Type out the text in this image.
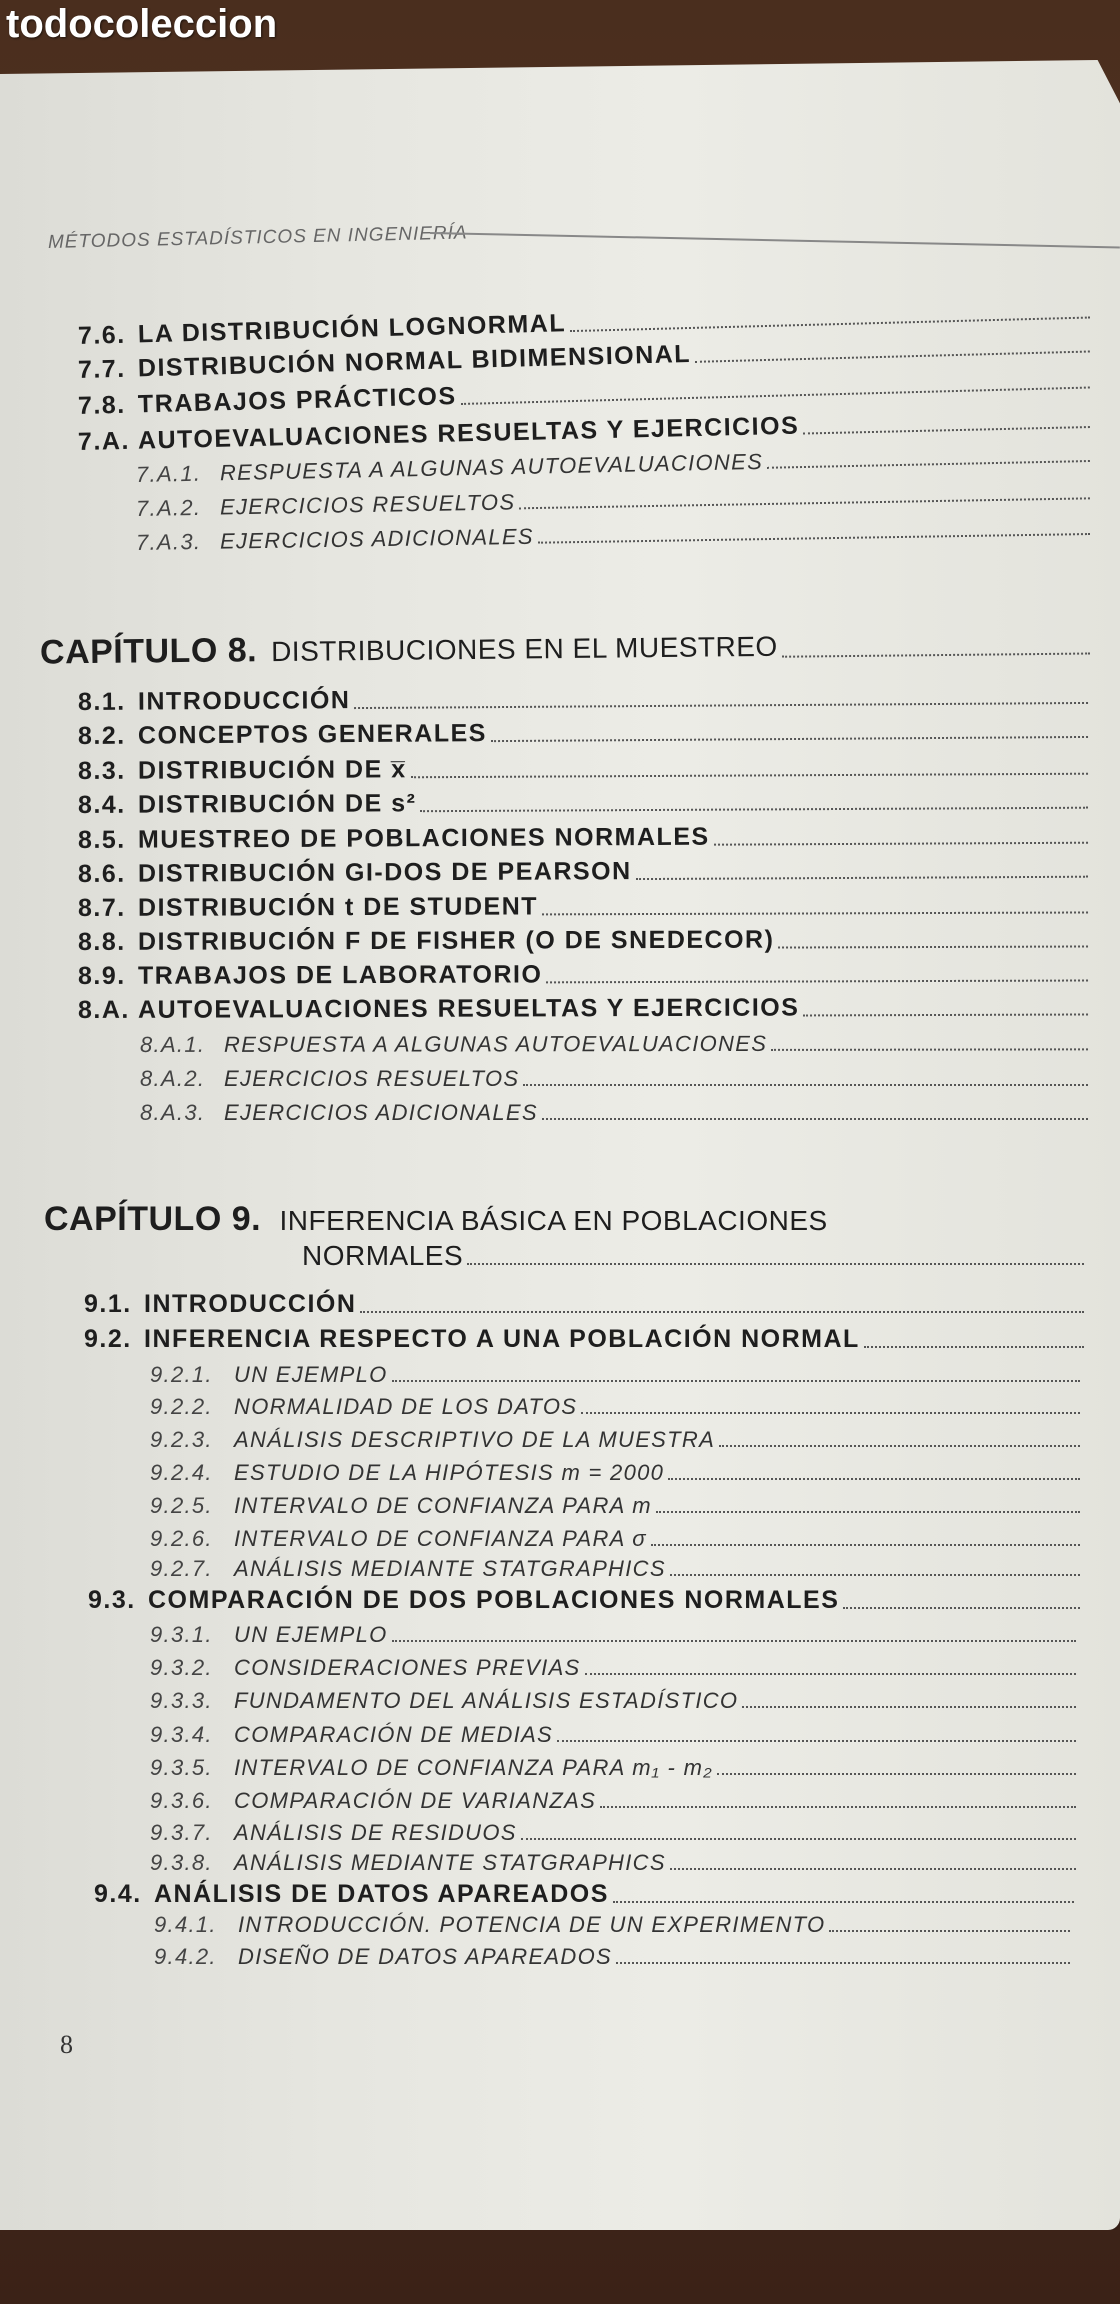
todocoleccion
MÉTODOS ESTADÍSTICOS EN INGENIERÍA
7.6. LA DISTRIBUCIÓN LOGNORMAL
7.7. DISTRIBUCIÓN NORMAL BIDIMENSIONAL
7.8. TRABAJOS PRÁCTICOS
7.A. AUTOEVALUACIONES RESUELTAS Y EJERCICIOS
7.A.1. RESPUESTA A ALGUNAS AUTOEVALUACIONES
7.A.2. EJERCICIOS RESUELTOS
7.A.3. EJERCICIOS ADICIONALES
CAPÍTULO 8. DISTRIBUCIONES EN EL MUESTREO
8.1. INTRODUCCIÓN
8.2. CONCEPTOS GENERALES
8.3. DISTRIBUCIÓN DE x̅
8.4. DISTRIBUCIÓN DE s²
8.5. MUESTREO DE POBLACIONES NORMALES
8.6. DISTRIBUCIÓN GI-DOS DE PEARSON
8.7. DISTRIBUCIÓN t DE STUDENT
8.8. DISTRIBUCIÓN F DE FISHER (O DE SNEDECOR)
8.9. TRABAJOS DE LABORATORIO
8.A. AUTOEVALUACIONES RESUELTAS Y EJERCICIOS
8.A.1. RESPUESTA A ALGUNAS AUTOEVALUACIONES
8.A.2. EJERCICIOS RESUELTOS
8.A.3. EJERCICIOS ADICIONALES
CAPÍTULO 9. INFERENCIA BÁSICA EN POBLACIONES
NORMALES
9.1. INTRODUCCIÓN
9.2. INFERENCIA RESPECTO A UNA POBLACIÓN NORMAL
9.2.1. UN EJEMPLO
9.2.2. NORMALIDAD DE LOS DATOS
9.2.3. ANÁLISIS DESCRIPTIVO DE LA MUESTRA
9.2.4. ESTUDIO DE LA HIPÓTESIS m = 2000
9.2.5. INTERVALO DE CONFIANZA PARA m
9.2.6. INTERVALO DE CONFIANZA PARA σ
9.2.7. ANÁLISIS MEDIANTE STATGRAPHICS
9.3. COMPARACIÓN DE DOS POBLACIONES NORMALES
9.3.1. UN EJEMPLO
9.3.2. CONSIDERACIONES PREVIAS
9.3.3. FUNDAMENTO DEL ANÁLISIS ESTADÍSTICO
9.3.4. COMPARACIÓN DE MEDIAS
9.3.5. INTERVALO DE CONFIANZA PARA m₁ - m₂
9.3.6. COMPARACIÓN DE VARIANZAS
9.3.7. ANÁLISIS DE RESIDUOS
9.3.8. ANÁLISIS MEDIANTE STATGRAPHICS
9.4. ANÁLISIS DE DATOS APAREADOS
9.4.1. INTRODUCCIÓN. POTENCIA DE UN EXPERIMENTO
9.4.2. DISEÑO DE DATOS APAREADOS
8
